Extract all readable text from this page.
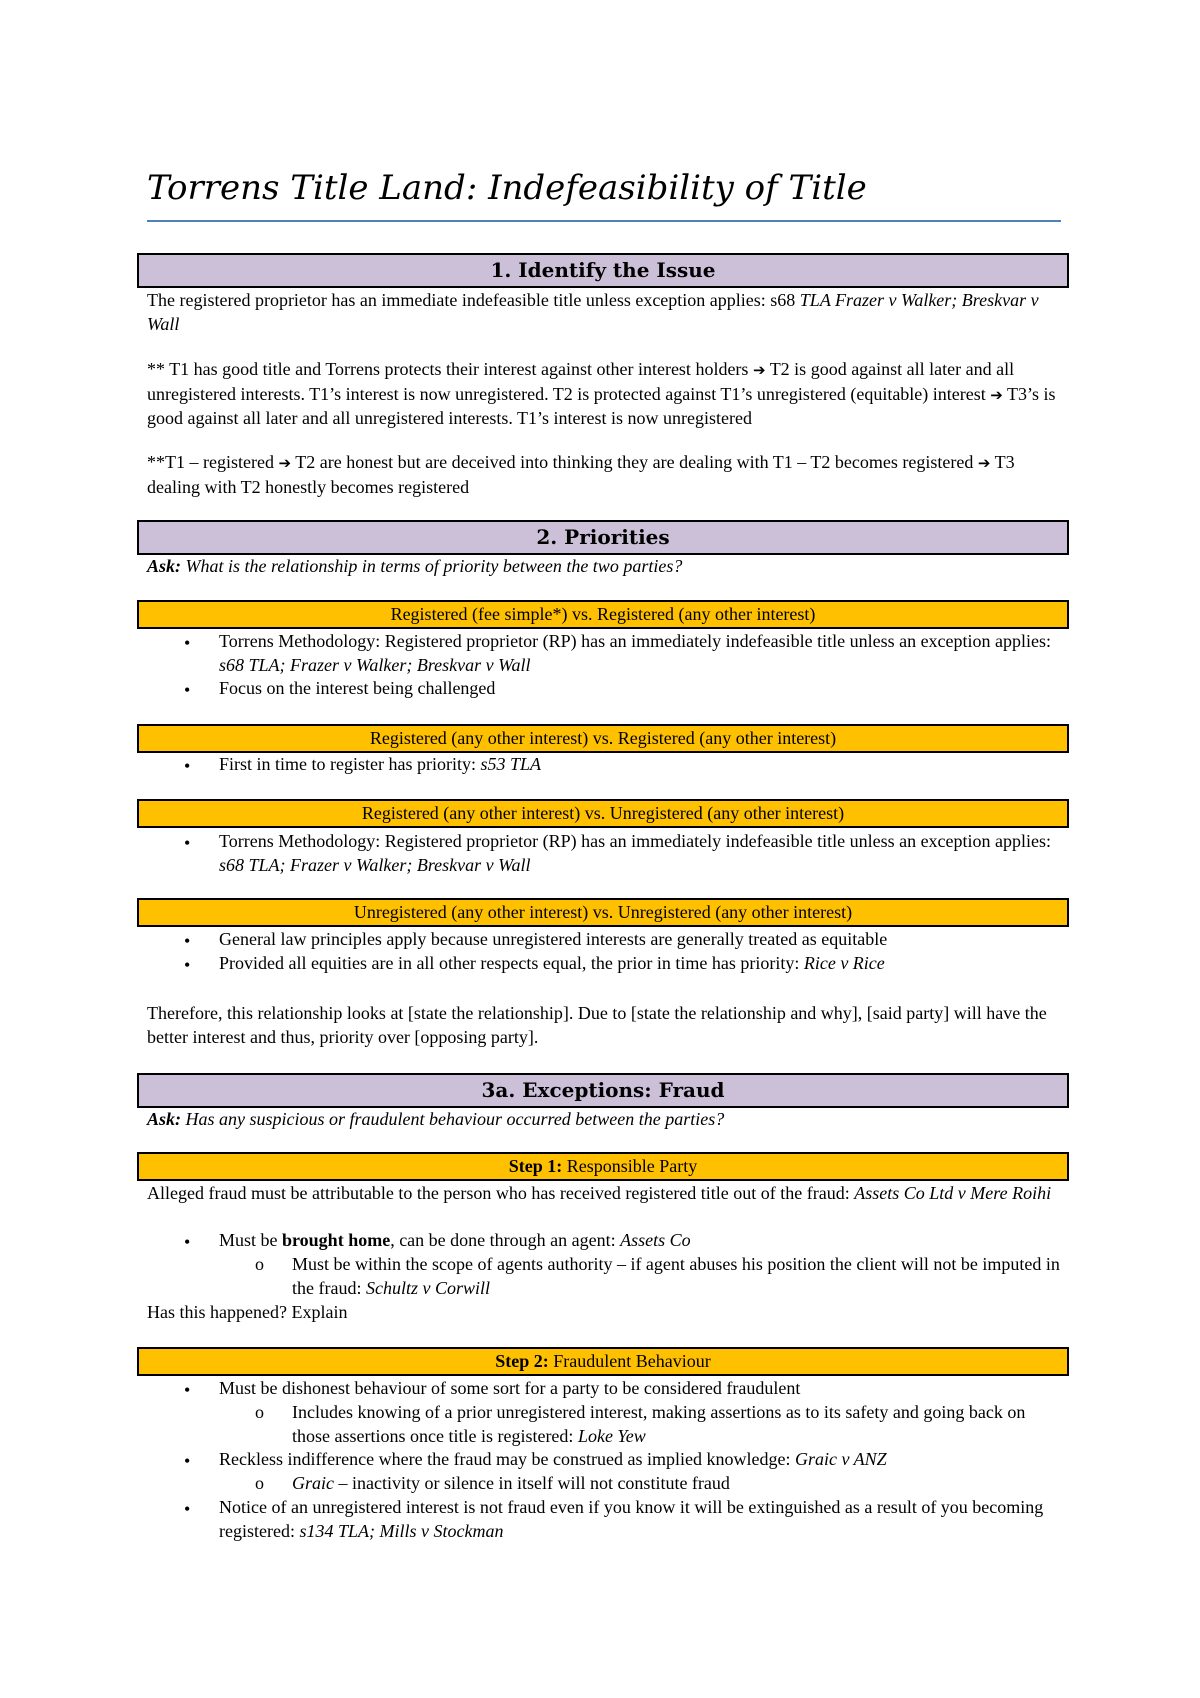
Torrens Title Land: Indefeasibility of Title
1. Identify the Issue
The registered proprietor has an immediate indefeasible title unless exception applies: s68 TLA Frazer v Walker; Breskvar v Wall
** T1 has good title and Torrens protects their interest against other interest holders ➔ T2 is good against all later and all unregistered interests. T1’s interest is now unregistered. T2 is protected against T1’s unregistered (equitable) interest ➔ T3’s is good against all later and all unregistered interests. T1’s interest is now unregistered
**T1 – registered ➔ T2 are honest but are deceived into thinking they are dealing with T1 – T2 becomes registered ➔ T3 dealing with T2 honestly becomes registered
2. Priorities
Ask: What is the relationship in terms of priority between the two parties?
Registered (fee simple*) vs. Registered (any other interest)
• Torrens Methodology: Registered proprietor (RP) has an immediately indefeasible title unless an exception applies: s68 TLA; Frazer v Walker; Breskvar v Wall
• Focus on the interest being challenged
Registered (any other interest) vs. Registered (any other interest)
• First in time to register has priority: s53 TLA
Registered (any other interest) vs. Unregistered (any other interest)
• Torrens Methodology: Registered proprietor (RP) has an immediately indefeasible title unless an exception applies: s68 TLA; Frazer v Walker; Breskvar v Wall
Unregistered (any other interest) vs. Unregistered (any other interest)
• General law principles apply because unregistered interests are generally treated as equitable
• Provided all equities are in all other respects equal, the prior in time has priority: Rice v Rice
Therefore, this relationship looks at [state the relationship]. Due to [state the relationship and why], [said party] will have the better interest and thus, priority over [opposing party].
3a. Exceptions: Fraud
Ask: Has any suspicious or fraudulent behaviour occurred between the parties?
Step 1: Responsible Party
Alleged fraud must be attributable to the person who has received registered title out of the fraud: Assets Co Ltd v Mere Roihi
• Must be brought home, can be done through an agent: Assets Co
o Must be within the scope of agents authority – if agent abuses his position the client will not be imputed in the fraud: Schultz v Corwill
Has this happened? Explain
Step 2: Fraudulent Behaviour
• Must be dishonest behaviour of some sort for a party to be considered fraudulent
o Includes knowing of a prior unregistered interest, making assertions as to its safety and going back on those assertions once title is registered: Loke Yew
• Reckless indifference where the fraud may be construed as implied knowledge: Graic v ANZ
o Graic – inactivity or silence in itself will not constitute fraud
• Notice of an unregistered interest is not fraud even if you know it will be extinguished as a result of you becoming registered: s134 TLA; Mills v Stockman
